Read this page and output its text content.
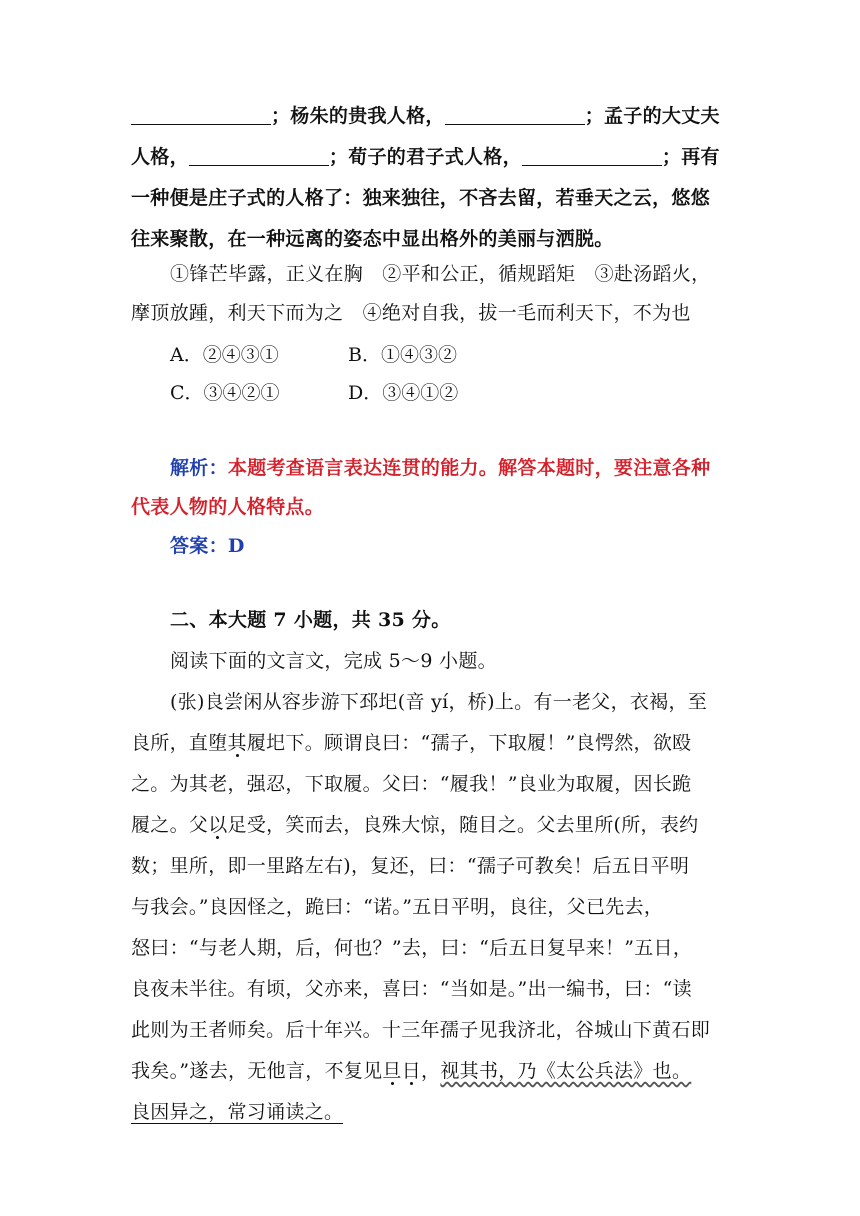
；杨朱的贵我人格，	；孟子的大丈夫
人格，	；荀子的君子式人格，	；再有
一种便是庄子式的人格了：独来独往，不吝去留，若垂天之云，悠悠
往来聚散，在一种远离的姿态中显出格外的美丽与洒脱。
①锋芒毕露，正义在胸　②平和公正，循规蹈矩　③赴汤蹈火，
摩顶放踵，利天下而为之　④绝对自我，拔一毛而利天下，不为也
A．②④③①	B．①④③②
C．③④②①	D．③④①②
解析：本题考查语言表达连贯的能力。解答本题时，要注意各种
代表人物的人格特点。
答案：D
二、本大题 7 小题，共 35 分。
阅读下面的文言文，完成 5～9 小题。
(张)良尝闲从容步游下邳圯(音 yí，桥)上。有一老父，衣褐，至
良所，直堕其履圯下。顾谓良曰：“孺子，下取履！”良愕然，欲殴
之。为其老，强忍，下取履。父曰：“履我！”良业为取履，因长跪
履之。父以足受，笑而去，良殊大惊，随目之。父去里所(所，表约
数；里所，即一里路左右)，复还，曰：“孺子可教矣！后五日平明
与我会。”良因怪之，跪曰：“诺。”五日平明，良往，父已先去，
怒曰：“与老人期，后，何也？”去，曰：“后五日复早来！”五日，
良夜未半往。有顷，父亦来，喜曰：“当如是。”出一编书，曰：“读
此则为王者师矣。后十年兴。十三年孺子见我济北，谷城山下黄石即
我矣。”遂去，无他言，不复见旦日，视其书，乃《太公兵法》也。
良因异之，常习诵读之。
